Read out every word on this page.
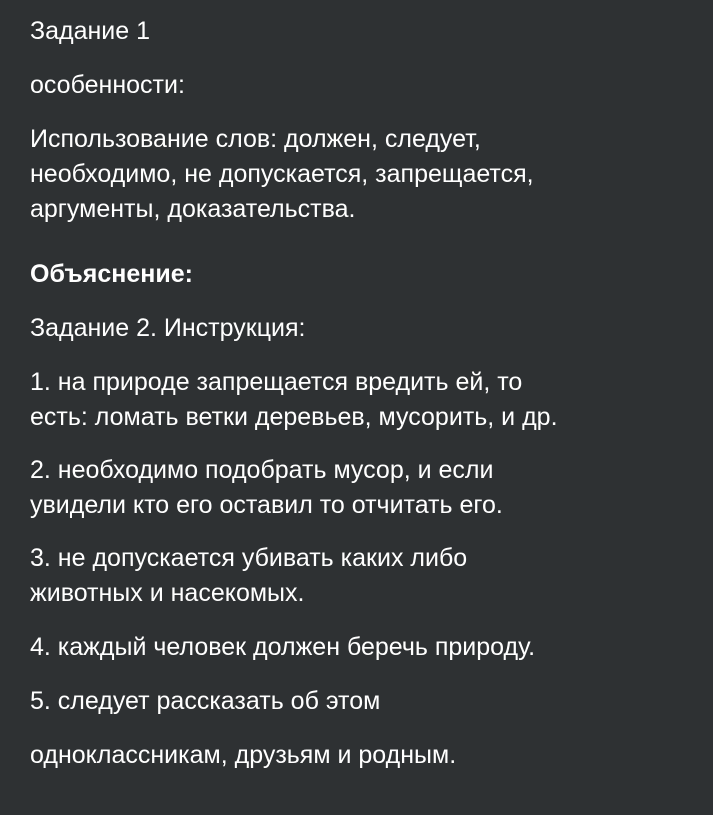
Задание 1

особенности:

Использование слов: должен, следует,
необходимо, не допускается, запрещается,
аргументы, доказательства.

Объяснение:

Задание 2. Инструкция:

1. на природе запрещается вредить ей, то
есть: ломать ветки деревьев, мусорить, и др.

2. необходимо подобрать мусор, и если
увидели кто его оставил то отчитать его.

3. не допускается убивать каких либо
животных и насекомых.

4. каждый человек должен беречь природу.

5. следует рассказать об этом

одноклассникам, друзьям и родным.
